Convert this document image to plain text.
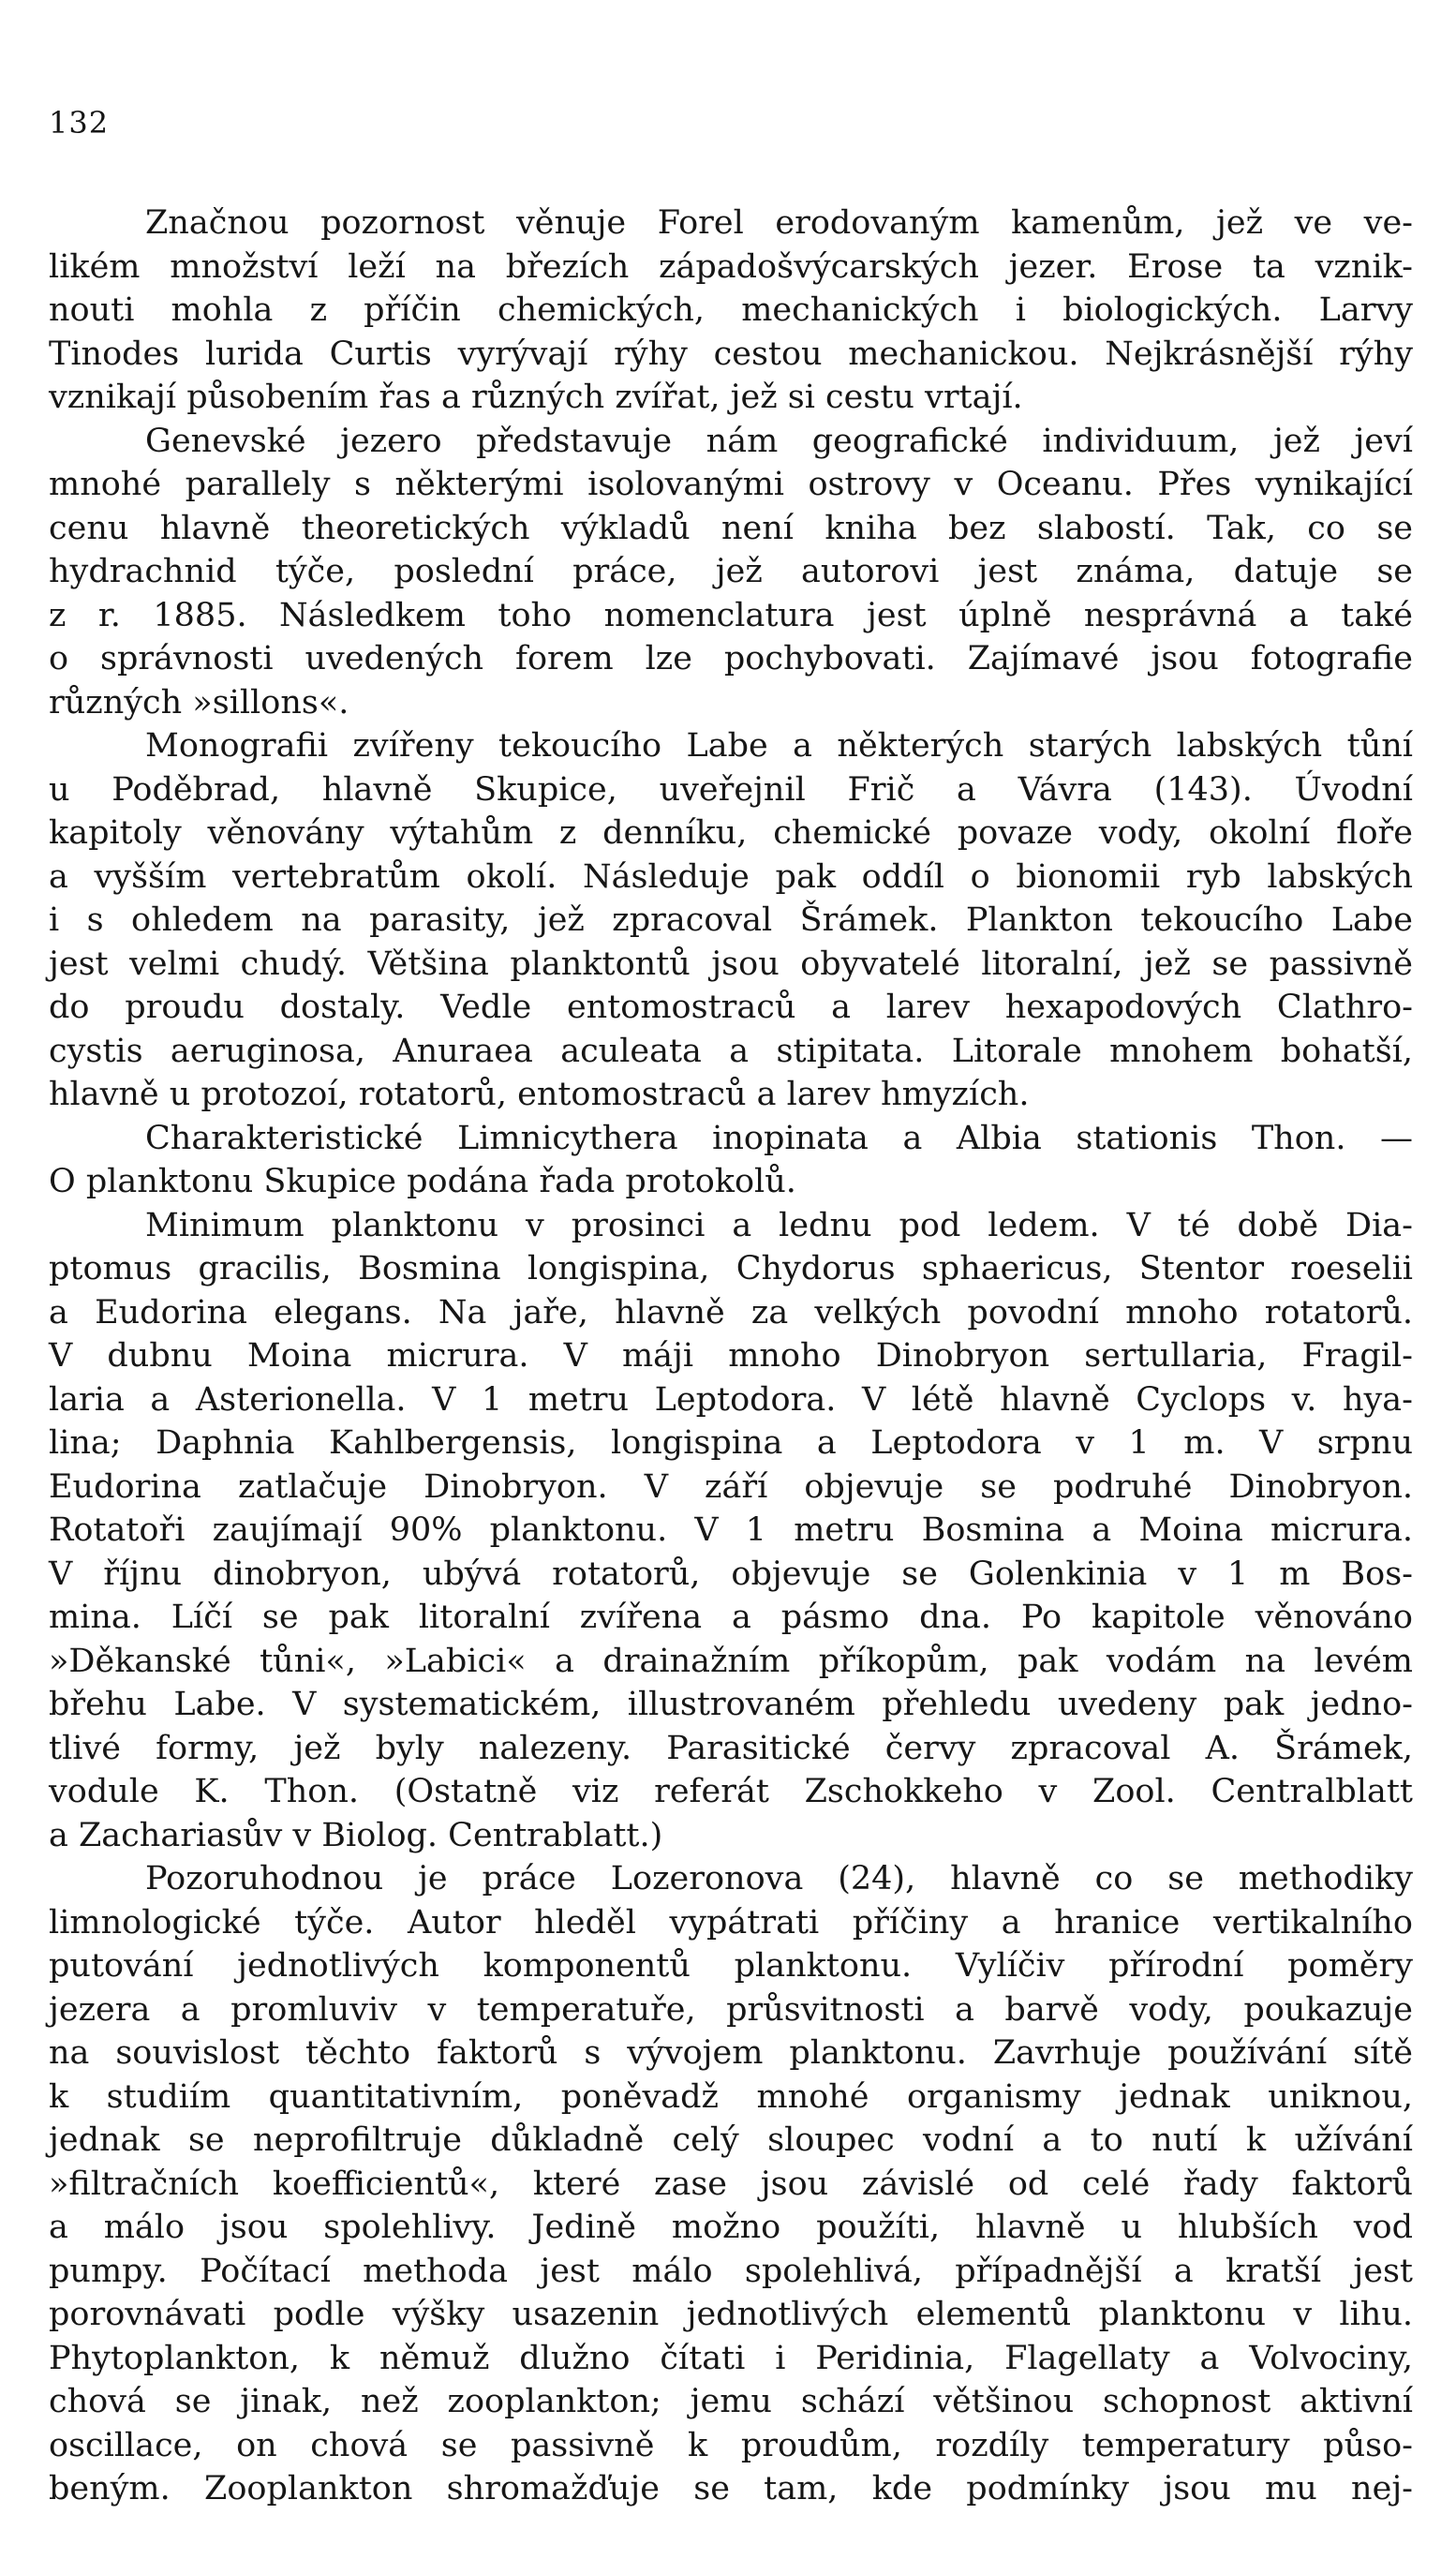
132
Značnou pozornost věnuje Forel erodovaným kamenům, jež ve ve-
likém množství leží na březích západošvýcarských jezer. Erose ta vznik-
nouti mohla z příčin chemických, mechanických i biologických. Larvy
Tinodes lurida Curtis vyrývají rýhy cestou mechanickou. Nejkrásnější rýhy
vznikají působením řas a různých zvířat, jež si cestu vrtají.
Genevské jezero představuje nám geografické individuum, jež jeví
mnohé parallely s některými isolovanými ostrovy v Oceanu. Přes vynikající
cenu hlavně theoretických výkladů není kniha bez slabostí. Tak, co se
hydrachnid týče, poslední práce, jež autorovi jest známa, datuje se
z r. 1885. Následkem toho nomenclatura jest úplně nesprávná a také
o správnosti uvedených forem lze pochybovati. Zajímavé jsou fotografie
různých »sillons«.
Monografii zvířeny tekoucího Labe a některých starých labských tůní
u Poděbrad, hlavně Skupice, uveřejnil Frič a Vávra (143). Úvodní
kapitoly věnovány výtahům z denníku, chemické povaze vody, okolní floře
a vyšším vertebratům okolí. Následuje pak oddíl o bionomii ryb labských
i s ohledem na parasity, jež zpracoval Šrámek. Plankton tekoucího Labe
jest velmi chudý. Většina planktontů jsou obyvatelé litoralní, jež se passivně
do proudu dostaly. Vedle entomostraců a larev hexapodových Clathro-
cystis aeruginosa, Anuraea aculeata a stipitata. Litorale mnohem bohatší,
hlavně u protozoí, rotatorů, entomostraců a larev hmyzích.
Charakteristické Limnicythera inopinata a Albia stationis Thon. —
O planktonu Skupice podána řada protokolů.
Minimum planktonu v prosinci a lednu pod ledem. V té době Dia-
ptomus gracilis, Bosmina longispina, Chydorus sphaericus, Stentor roeselii
a Eudorina elegans. Na jaře, hlavně za velkých povodní mnoho rotatorů.
V dubnu Moina micrura. V máji mnoho Dinobryon sertullaria, Fragil-
laria a Asterionella. V 1 metru Leptodora. V létě hlavně Cyclops v. hya-
lina; Daphnia Kahlbergensis, longispina a Leptodora v 1 m. V srpnu
Eudorina zatlačuje Dinobryon. V září objevuje se podruhé Dinobryon.
Rotatoři zaujímají 90% planktonu. V 1 metru Bosmina a Moina micrura.
V říjnu dinobryon, ubývá rotatorů, objevuje se Golenkinia v 1 m Bos-
mina. Líčí se pak litoralní zvířena a pásmo dna. Po kapitole věnováno
»Děkanské tůni«, »Labici« a drainažním příkopům, pak vodám na levém
břehu Labe. V systematickém, illustrovaném přehledu uvedeny pak jedno-
tlivé formy, jež byly nalezeny. Parasitické červy zpracoval A. Šrámek,
vodule K. Thon. (Ostatně viz referát Zschokkeho v Zool. Centralblatt
a Zachariasův v Biolog. Centrablatt.)
Pozoruhodnou je práce Lozeronova (24), hlavně co se methodiky
limnologické týče. Autor hleděl vypátrati příčiny a hranice vertikalního
putování jednotlivých komponentů planktonu. Vylíčiv přírodní poměry
jezera a promluviv v temperatuře, průsvitnosti a barvě vody, poukazuje
na souvislost těchto faktorů s vývojem planktonu. Zavrhuje používání sítě
k studiím quantitativním, poněvadž mnohé organismy jednak uniknou,
jednak se neprofiltruje důkladně celý sloupec vodní a to nutí k užívání
»filtračních koefficientů«, které zase jsou závislé od celé řady faktorů
a málo jsou spolehlivy. Jedině možno použíti, hlavně u hlubších vod
pumpy. Počítací methoda jest málo spolehlivá, případnější a kratší jest
porovnávati podle výšky usazenin jednotlivých elementů planktonu v lihu.
Phytoplankton, k němuž dlužno čítati i Peridinia, Flagellaty a Volvociny,
chová se jinak, než zooplankton; jemu schází většinou schopnost aktivní
oscillace, on chová se passivně k proudům, rozdíly temperatury půso-
beným. Zooplankton shromažďuje se tam, kde podmínky jsou mu nej-
